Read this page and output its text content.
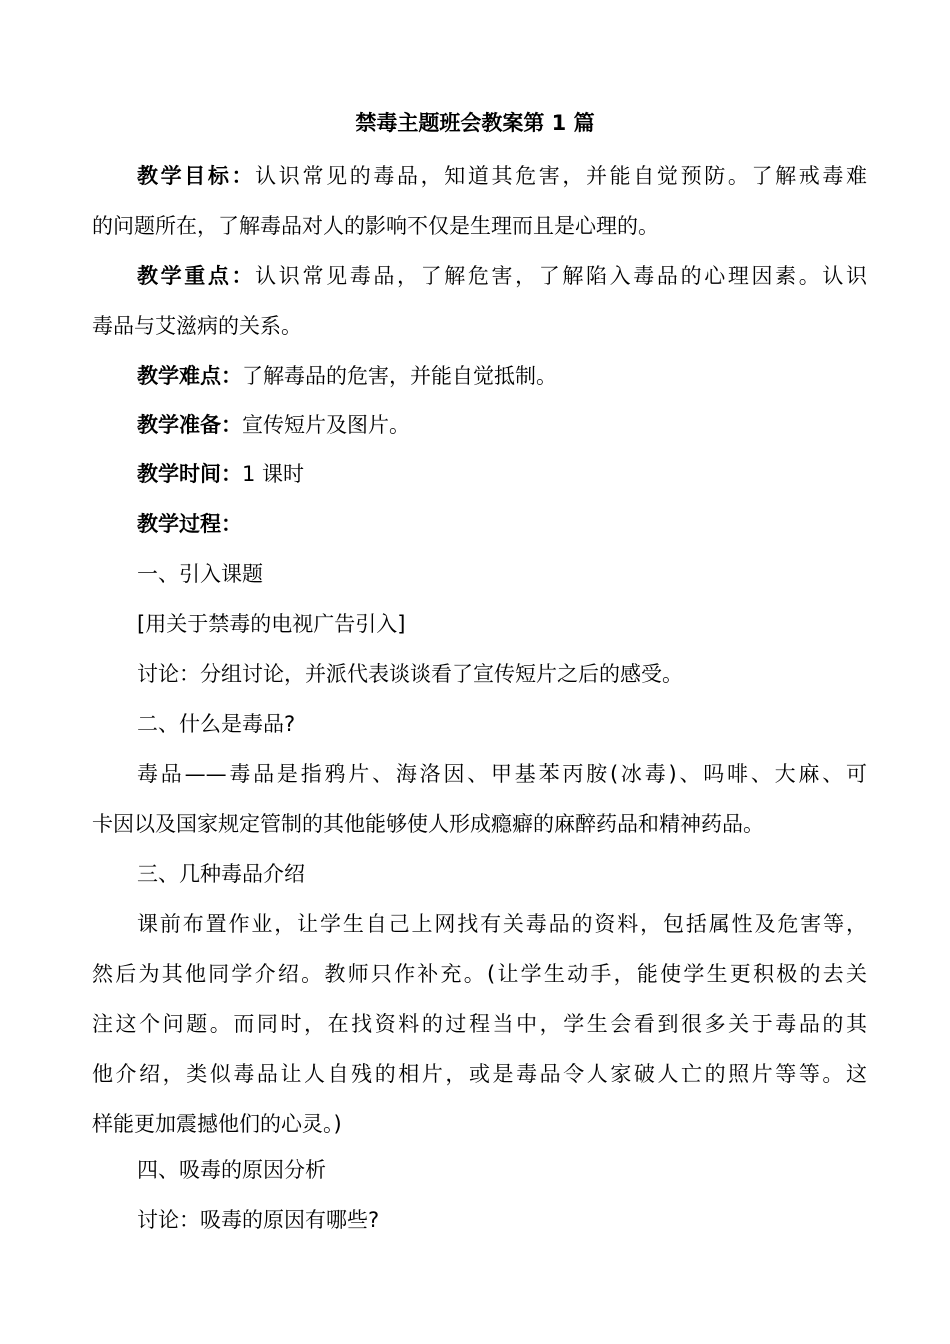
禁毒主题班会教案第 1 篇
教学目标：认识常见的毒品，知道其危害，并能自觉预防。了解戒毒难
的问题所在，了解毒品对人的影响不仅是生理而且是心理的。
教学重点：认识常见毒品，了解危害，了解陷入毒品的心理因素。认识
毒品与艾滋病的关系。
教学难点：了解毒品的危害，并能自觉抵制。
教学准备：宣传短片及图片。
教学时间：1 课时
教学过程：
一、引入课题
[用关于禁毒的电视广告引入]
讨论：分组讨论，并派代表谈谈看了宣传短片之后的感受。
二、什么是毒品?
毒品——毒品是指鸦片、海洛因、甲基苯丙胺(冰毒)、吗啡、大麻、可
卡因以及国家规定管制的其他能够使人形成瘾癖的麻醉药品和精神药品。
三、几种毒品介绍
课前布置作业，让学生自己上网找有关毒品的资料，包括属性及危害等，
然后为其他同学介绍。教师只作补充。(让学生动手，能使学生更积极的去关
注这个问题。而同时，在找资料的过程当中，学生会看到很多关于毒品的其
他介绍，类似毒品让人自残的相片，或是毒品令人家破人亡的照片等等。这
样能更加震撼他们的心灵。)
四、吸毒的原因分析
讨论：吸毒的原因有哪些?
